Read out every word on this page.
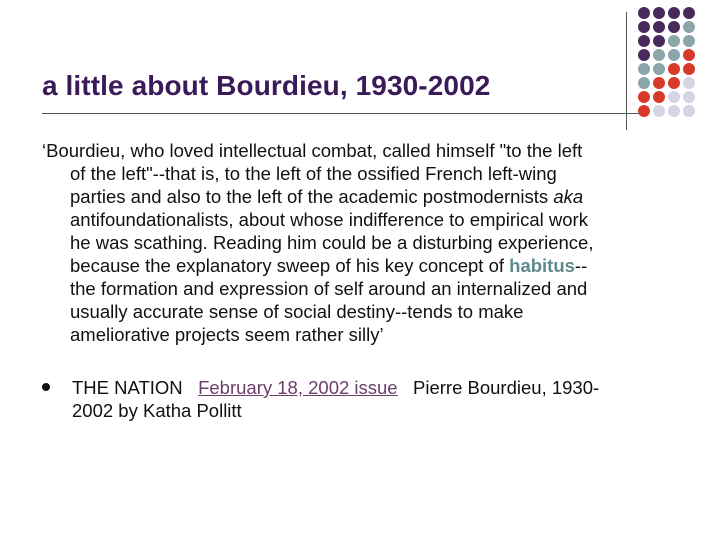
a little about Bourdieu, 1930-2002
‘Bourdieu, who loved intellectual combat, called himself "to the left
of the left"--that is, to the left of the ossified French left-wing
parties and also to the left of the academic postmodernists aka
antifoundationalists, about whose indifference to empirical work
he was scathing. Reading him could be a disturbing experience,
because the explanatory sweep of his key concept of habitus--
the formation and expression of self around an internalized and
usually accurate sense of social destiny--tends to make
ameliorative projects seem rather silly’
THE NATION February 18, 2002 issue Pierre Bourdieu, 1930-
2002 by Katha Pollitt
